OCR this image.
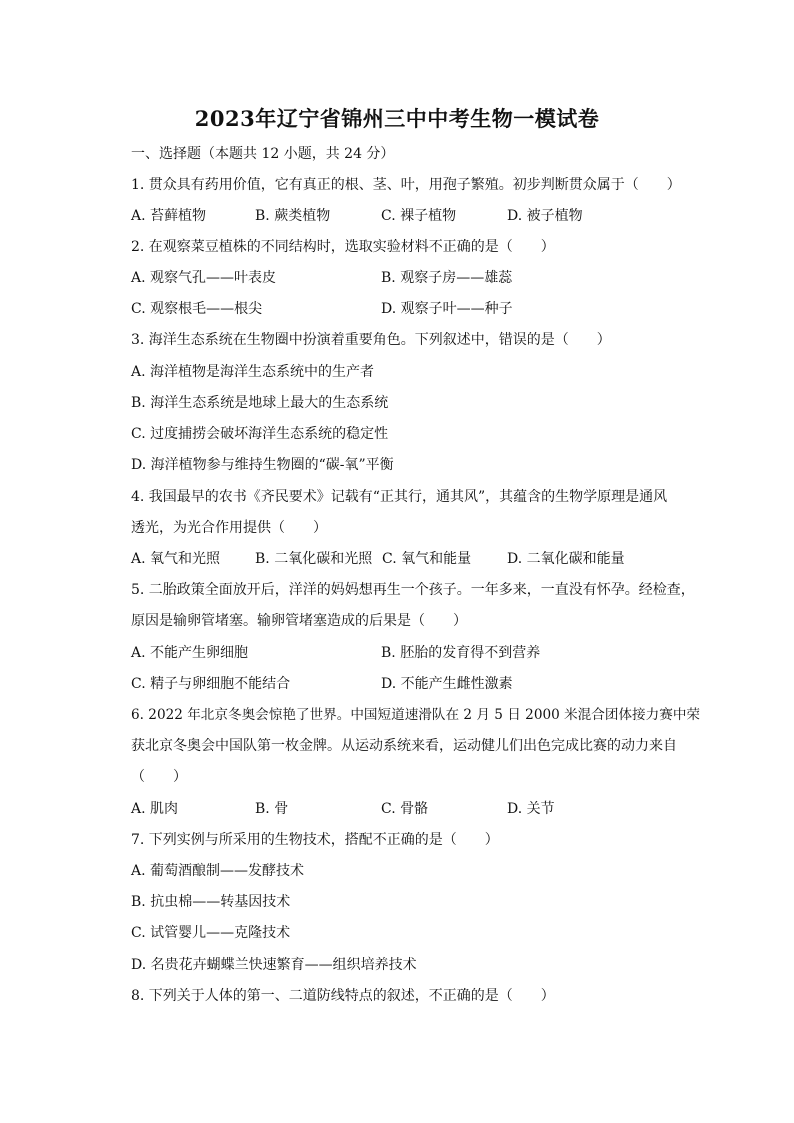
2023年辽宁省锦州三中中考生物一模试卷
一、选择题（本题共 12 小题，共 24 分）
1. 贯众具有药用价值，它有真正的根、茎、叶，用孢子繁殖。初步判断贯众属于（　　）
A. 苔藓植物	B. 蕨类植物	C. 裸子植物	D. 被子植物
2. 在观察菜豆植株的不同结构时，选取实验材料不正确的是（　　）
A. 观察气孔——叶表皮	B. 观察子房——雄蕊
C. 观察根毛——根尖	D. 观察子叶——种子
3. 海洋生态系统在生物圈中扮演着重要角色。下列叙述中，错误的是（　　）
A. 海洋植物是海洋生态系统中的生产者
B. 海洋生态系统是地球上最大的生态系统
C. 过度捕捞会破坏海洋生态系统的稳定性
D. 海洋植物参与维持生物圈的“碳-氧”平衡
4. 我国最早的农书《齐民要术》记载有“正其行，通其风”，其蕴含的生物学原理是通风
透光，为光合作用提供（　　）
A. 氧气和光照 B. 二氧化碳和光照 C. 氧气和能量	D. 二氧化碳和能量
5. 二胎政策全面放开后，洋洋的妈妈想再生一个孩子。一年多来，一直没有怀孕。经检查，
原因是输卵管堵塞。输卵管堵塞造成的后果是（　　）
A. 不能产生卵细胞	B. 胚胎的发育得不到营养
C. 精子与卵细胞不能结合	D. 不能产生雌性激素
6. 2022 年北京冬奥会惊艳了世界。中国短道速滑队在 2 月 5 日 2000 米混合团体接力赛中荣
获北京冬奥会中国队第一枚金牌。从运动系统来看，运动健儿们出色完成比赛的动力来自
（　　）
A. 肌肉	B. 骨	C. 骨骼	D. 关节
7. 下列实例与所采用的生物技术，搭配不正确的是（　　）
A. 葡萄酒酿制——发酵技术
B. 抗虫棉——转基因技术
C. 试管婴儿——克隆技术
D. 名贵花卉蝴蝶兰快速繁育——组织培养技术
8. 下列关于人体的第一、二道防线特点的叙述，不正确的是（　　）
